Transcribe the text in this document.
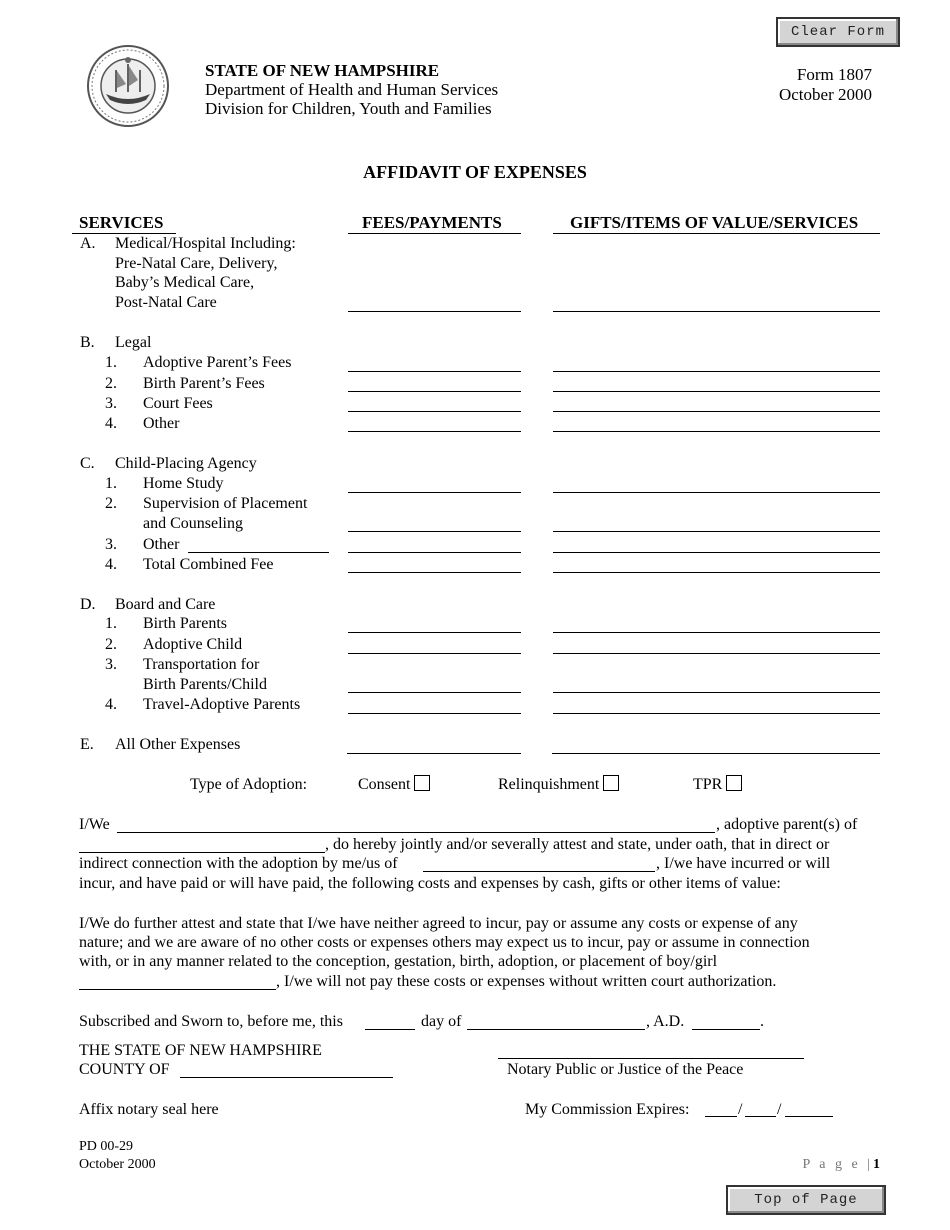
Clear Form
Top of Page
STATE OF NEW HAMPSHIRE
Department of Health and Human Services
Division for Children, Youth and Families
Form 1807
October 2000
AFFIDAVIT OF EXPENSES
SERVICES	FEES/PAYMENTS	GIFTS/ITEMS OF VALUE/SERVICES
A. Medical/Hospital Including:
Pre-Natal Care, Delivery,
Baby’s Medical Care,
Post-Natal Care
B. Legal
1. Adoptive Parent’s Fees
2. Birth Parent’s Fees
3. Court Fees
4. Other
C. Child-Placing Agency
1. Home Study
2. Supervision of Placement
and Counseling
3. Other
4. Total Combined Fee
D. Board and Care
1. Birth Parents
2. Adoptive Child
3. Transportation for
Birth Parents/Child
4. Travel-Adoptive Parents
E. All Other Expenses
Type of Adoption:	Consent	Relinquishment	TPR
I/We	, adoptive parent(s) of
, do hereby jointly and/or severally attest and state, under oath, that in direct or
indirect connection with the adoption by me/us of	, I/we have incurred or will
incur, and have paid or will have paid, the following costs and expenses by cash, gifts or other items of value:
I/We do further attest and state that I/we have neither agreed to incur, pay or assume any costs or expense of any
nature; and we are aware of no other costs or expenses others may expect us to incur, pay or assume in connection
with, or in any manner related to the conception, gestation, birth, adoption, or placement of boy/girl
, I/we will not pay these costs or expenses without written court authorization.
Subscribed and Sworn to, before me, this	day of	, A.D.	.
THE STATE OF NEW HAMPSHIRE
COUNTY OF	Notary Public or Justice of the Peace
Affix notary seal here	My Commission Expires:	/ /
PD 00-29
October 2000	P a g e |1
